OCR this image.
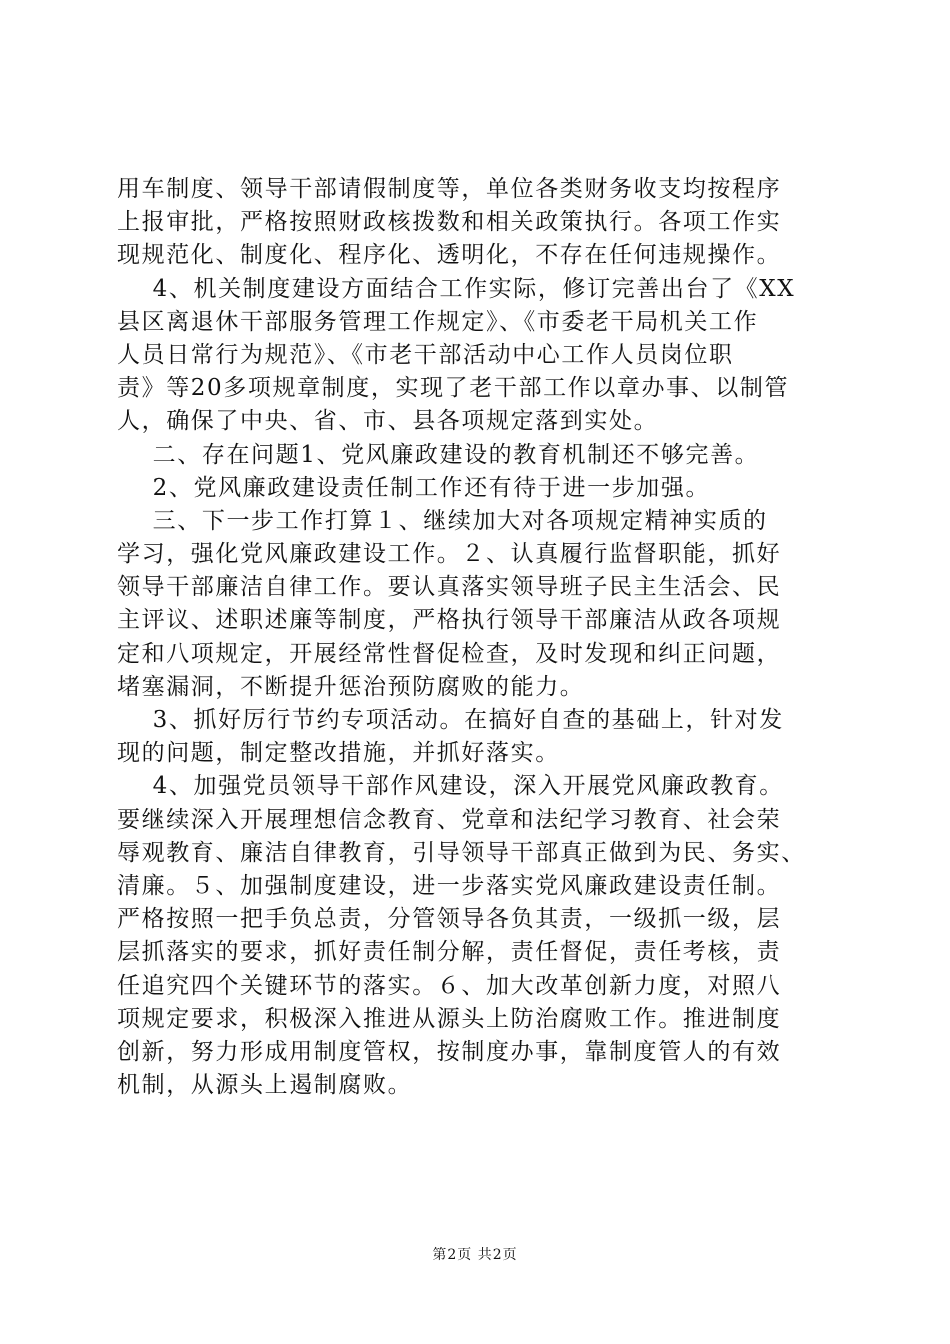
用车制度、领导干部请假制度等，单位各类财务收支均按程序
上报审批，严格按照财政核拨数和相关政策执行。各项工作实
现规范化、制度化、程序化、透明化，不存在任何违规操作。
4、机关制度建设方面结合工作实际，修订完善出台了《XX
县区离退休干部服务管理工作规定》、《市委老干局机关工作
人员日常行为规范》、《市老干部活动中心工作人员岗位职
责》等20多项规章制度，实现了老干部工作以章办事、以制管
人，确保了中央、省、市、县各项规定落到实处。
二、存在问题1、党风廉政建设的教育机制还不够完善。
2、党风廉政建设责任制工作还有待于进一步加强。
三、下一步工作打算１、继续加大对各项规定精神实质的
学习，强化党风廉政建设工作。２、认真履行监督职能，抓好
领导干部廉洁自律工作。要认真落实领导班子民主生活会、民
主评议、述职述廉等制度，严格执行领导干部廉洁从政各项规
定和八项规定，开展经常性督促检查，及时发现和纠正问题，
堵塞漏洞，不断提升惩治预防腐败的能力。
3、抓好厉行节约专项活动。在搞好自查的基础上，针对发
现的问题，制定整改措施，并抓好落实。
4、加强党员领导干部作风建设，深入开展党风廉政教育。
要继续深入开展理想信念教育、党章和法纪学习教育、社会荣
辱观教育、廉洁自律教育，引导领导干部真正做到为民、务实、
清廉。５、加强制度建设，进一步落实党风廉政建设责任制。
严格按照一把手负总责，分管领导各负其责，一级抓一级，层
层抓落实的要求，抓好责任制分解，责任督促，责任考核，责
任追究四个关键环节的落实。６、加大改革创新力度，对照八
项规定要求，积极深入推进从源头上防治腐败工作。推进制度
创新，努力形成用制度管权，按制度办事，靠制度管人的有效
机制，从源头上遏制腐败。
第2页 共2页
